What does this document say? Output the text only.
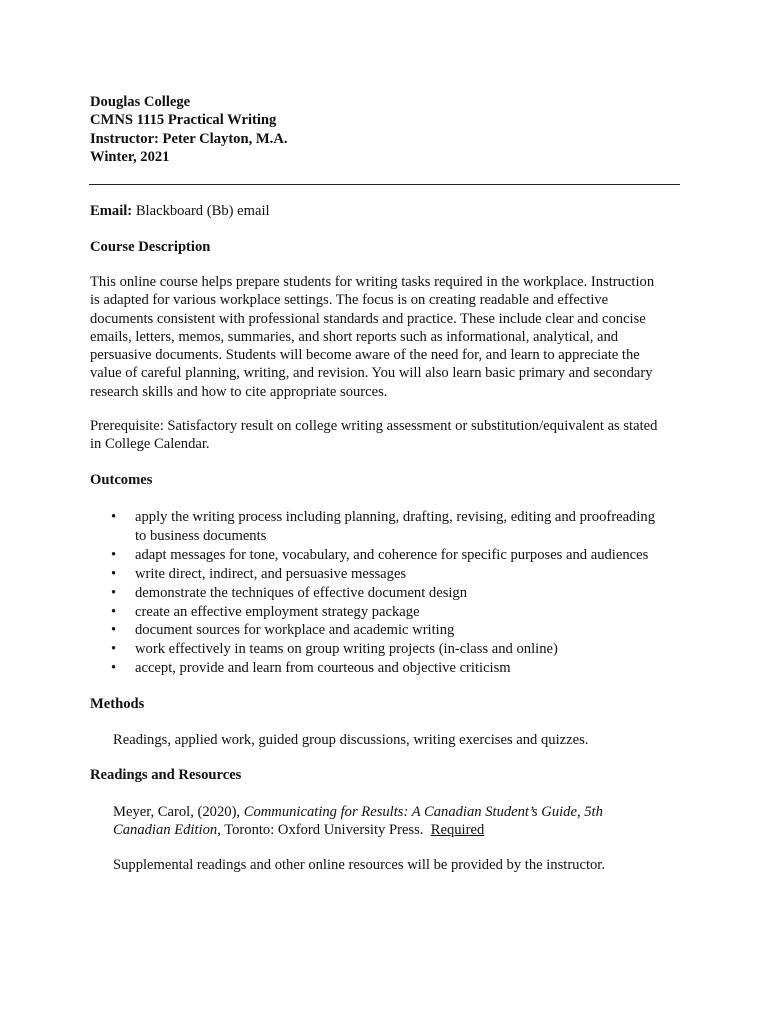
Douglas College
CMNS 1115 Practical Writing
Instructor: Peter Clayton, M.A.
Winter, 2021
Email: Blackboard (Bb) email
Course Description
This online course helps prepare students for writing tasks required in the workplace. Instruction
is adapted for various workplace settings. The focus is on creating readable and effective
documents consistent with professional standards and practice. These include clear and concise
emails, letters, memos, summaries, and short reports such as informational, analytical, and
persuasive documents. Students will become aware of the need for, and learn to appreciate the
value of careful planning, writing, and revision. You will also learn basic primary and secondary
research skills and how to cite appropriate sources.
Prerequisite: Satisfactory result on college writing assessment or substitution/equivalent as stated
in College Calendar.
Outcomes
• apply the writing process including planning, drafting, revising, editing and proofreading
to business documents
• adapt messages for tone, vocabulary, and coherence for specific purposes and audiences
• write direct, indirect, and persuasive messages
• demonstrate the techniques of effective document design
• create an effective employment strategy package
• document sources for workplace and academic writing
• work effectively in teams on group writing projects (in-class and online)
• accept, provide and learn from courteous and objective criticism
Methods
Readings, applied work, guided group discussions, writing exercises and quizzes.
Readings and Resources
Meyer, Carol, (2020), Communicating for Results: A Canadian Student’s Guide, 5th
Canadian Edition, Toronto: Oxford University Press.  Required
Supplemental readings and other online resources will be provided by the instructor.
